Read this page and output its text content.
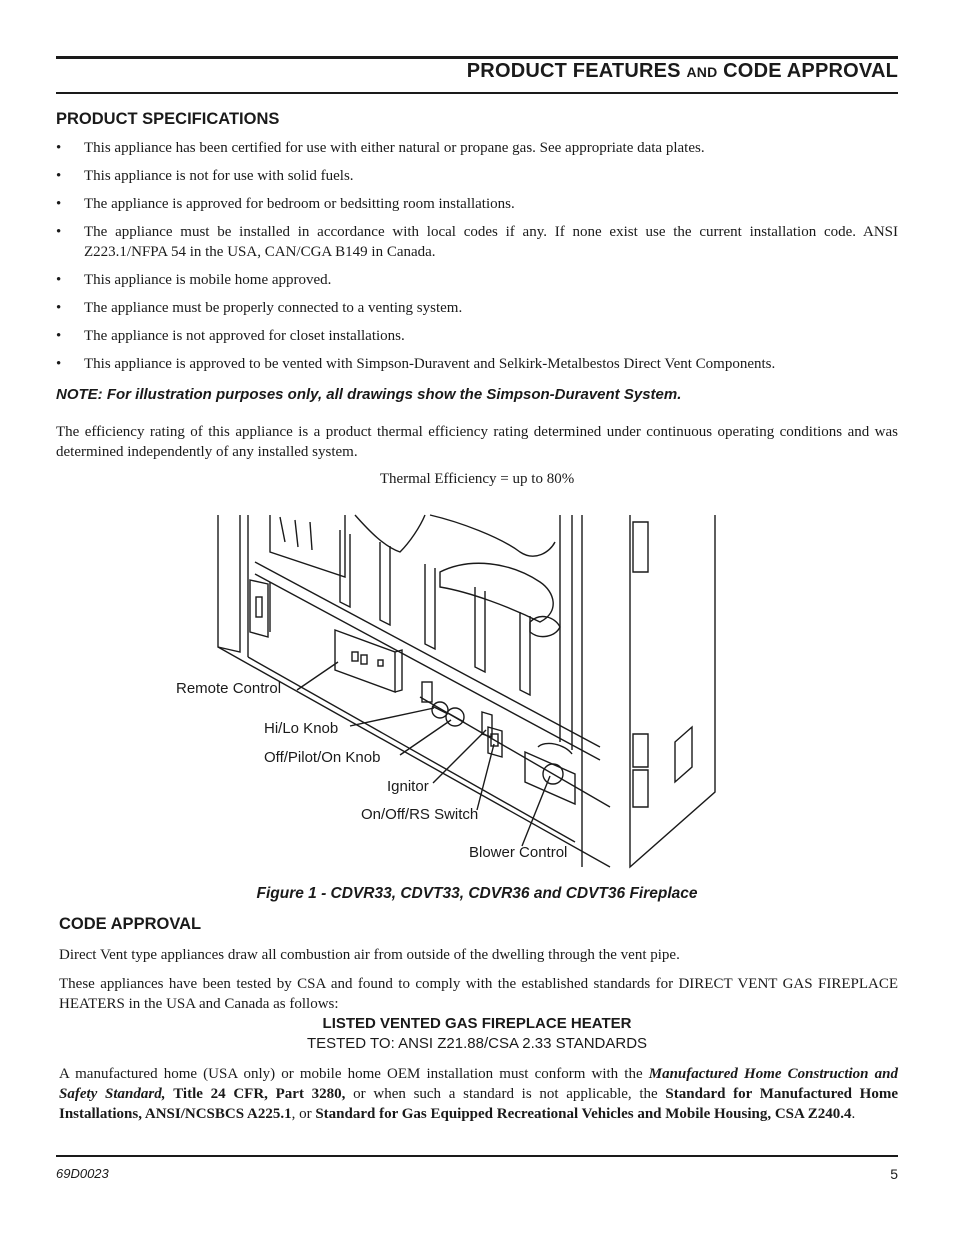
PRODUCT FEATURES AND CODE APPROVAL
PRODUCT SPECIFICATIONS
• This appliance has been certified for use with either natural or propane gas. See appropriate data plates.
• This appliance is not for use with solid fuels.
• The appliance is approved for bedroom or bedsitting room installations.
• The appliance must be installed in accordance with local codes if any. If none exist use the current installation code. ANSI Z223.1/NFPA 54 in the USA, CAN/CGA B149 in Canada.
• This appliance is mobile home approved.
• The appliance must be properly connected to a venting system.
• The appliance is not approved for closet installations.
• This appliance is approved to be vented with Simpson-Duravent and Selkirk-Metalbestos Direct Vent Components.
NOTE: For illustration purposes only, all drawings show the Simpson-Duravent System.
The efficiency rating of this appliance is a product thermal efficiency rating determined under continuous operating conditions and was determined independently of any installed system.
Thermal Efficiency = up to 80%
Remote Control
Hi/Lo Knob
Off/Pilot/On Knob
Ignitor
On/Off/RS Switch
Blower Control
Figure 1 - CDVR33, CDVT33, CDVR36 and CDVT36 Fireplace
CODE APPROVAL
Direct Vent type appliances draw all combustion air from outside of the dwelling through the vent pipe.
These appliances have been tested by CSA and found to comply with the established standards for DIRECT VENT GAS FIREPLACE HEATERS in the USA and Canada as follows:
LISTED VENTED GAS FIREPLACE HEATER
TESTED TO: ANSI Z21.88/CSA 2.33 STANDARDS
A manufactured home (USA only) or mobile home OEM installation must conform with the Manufactured Home Construction and Safety Standard, Title 24 CFR, Part 3280, or when such a standard is not applicable, the Standard for Manufactured Home Installations, ANSI/NCSBCS A225.1, or Standard for Gas Equipped Recreational Vehicles and Mobile Housing, CSA Z240.4.
69D0023	5
